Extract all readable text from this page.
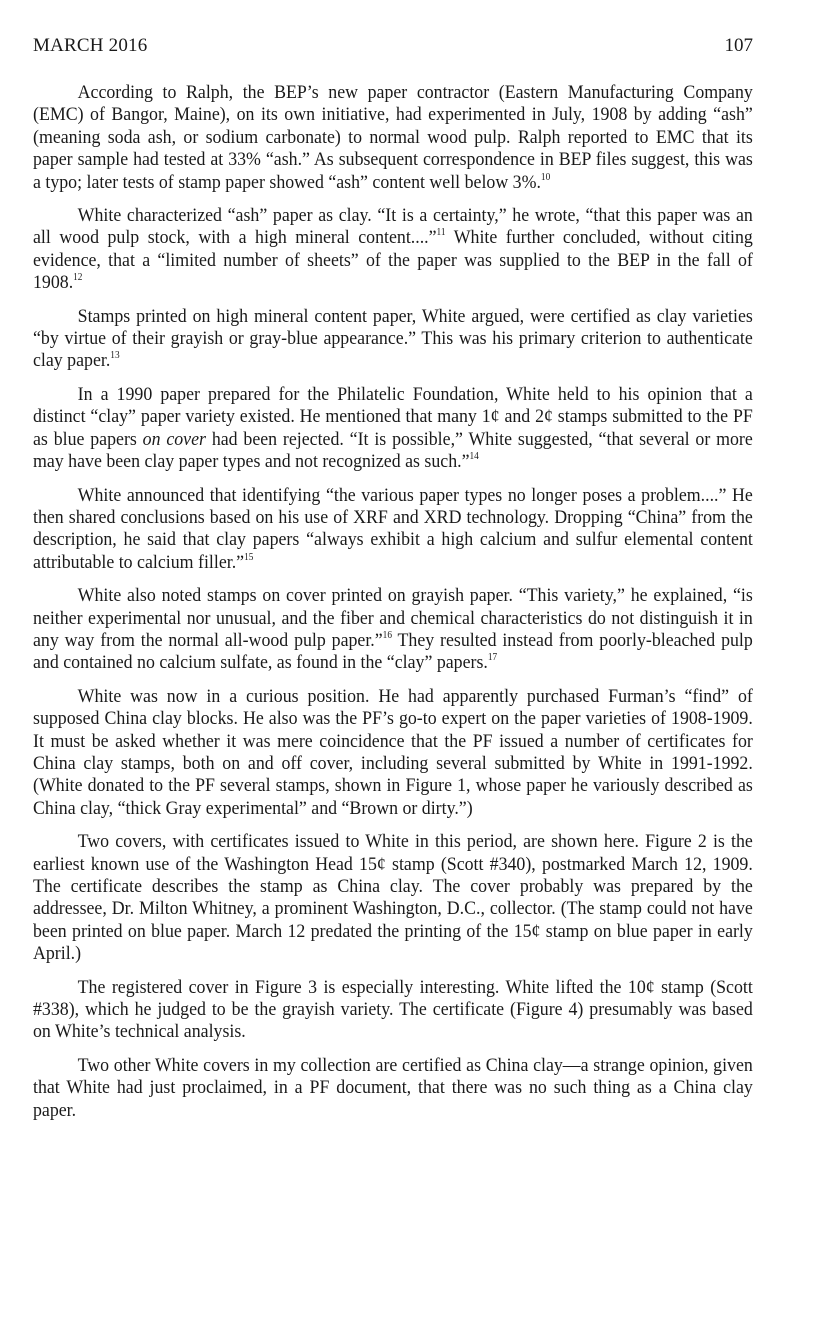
MARCH 2016	107

According to Ralph, the BEP’s new paper contractor (Eastern Manufacturing Company (EMC) of Bangor, Maine), on its own initiative, had experimented in July, 1908 by adding “ash” (meaning soda ash, or sodium carbonate) to normal wood pulp. Ralph reported to EMC that its paper sample had tested at 33% “ash.” As subsequent correspondence in BEP files suggest, this was a typo; later tests of stamp paper showed “ash” content well below 3%.$^{10}$

White characterized “ash” paper as clay. “It is a certainty,” he wrote, “that this paper was an all wood pulp stock, with a high mineral content....”$^{11}$ White further concluded, without citing evidence, that a “limited number of sheets” of the paper was supplied to the BEP in the fall of 1908.12

Stamps printed on high mineral content paper, White argued, were certified as clay varieties “by virtue of their grayish or gray-blue appearance.” This was his primary criterion to authenticate clay paper.$^{13}$

In a 1990 paper prepared for the Philatelic Foundation, White held to his opinion that a distinct “clay” paper variety existed. He mentioned that many 1¢ and 2¢ stamps submitted to the PF as blue papers on cover had been rejected. “It is possible,” White suggested, “that several or more may have been clay paper types and not recognized as such.”$^{14}$

White announced that identifying “the various paper types no longer poses a problem....” He then shared conclusions based on his use of XRF and XRD technology. Dropping “China” from the description, he said that clay papers “always exhibit a high calcium and sulfur elemental content attributable to calcium filler.”$^{15}$

White also noted stamps on cover printed on grayish paper. “This variety,” he explained, “is neither experimental nor unusual, and the fiber and chemical characteristics do not distinguish it in any way from the normal all-wood pulp paper.”$^{16}$ They resulted instead from poorly-bleached pulp and contained no calcium sulfate, as found in the “clay” papers.$^{17}$

White was now in a curious position. He had apparently purchased Furman’s “find” of supposed China clay blocks. He also was the PF’s go-to expert on the paper varieties of 1908-1909. It must be asked whether it was mere coincidence that the PF issued a number of certificates for China clay stamps, both on and off cover, including several submitted by White in 1991-1992. (White donated to the PF several stamps, shown in Figure 1, whose paper he variously described as China clay, “thick Gray experimental” and “Brown or dirty.”)

Two covers, with certificates issued to White in this period, are shown here. Figure 2 is the earliest known use of the Washington Head 15¢ stamp (Scott #340), postmarked March 12, 1909. The certificate describes the stamp as China clay. The cover probably was prepared by the addressee, Dr. Milton Whitney, a prominent Washington, D.C., collector. (The stamp could not have been printed on blue paper. March 12 predated the printing of the 15¢ stamp on blue paper in early April.)

The registered cover in Figure 3 is especially interesting. White lifted the 10¢ stamp (Scott #338), which he judged to be the grayish variety. The certificate (Figure 4) presumably was based on White’s technical analysis.

Two other White covers in my collection are certified as China clay—a strange opinion, given that White had just proclaimed, in a PF document, that there was no such thing as a China clay paper.
